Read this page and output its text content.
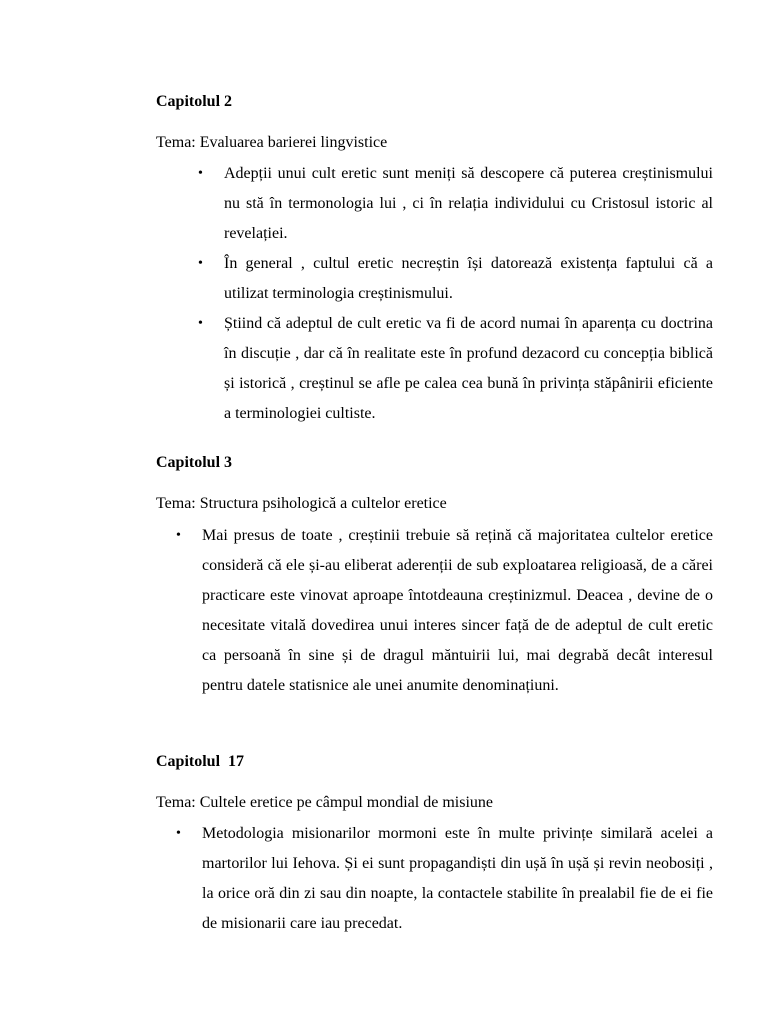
Capitolul 2
Tema: Evaluarea barierei lingvistice
• Adepții unui cult eretic sunt meniți să descopere că puterea creștinismului nu stă în termonologia lui , ci în relația individului cu Cristosul istoric al revelației.
• În general , cultul eretic necreștin își datorează existența faptului că a utilizat terminologia creștinismului.
• Știind că adeptul de cult eretic va fi de acord numai în aparența cu doctrina în discuție , dar că în realitate este în profund dezacord cu concepția biblică și istorică , creștinul se afle pe calea cea bună în privința stăpânirii eficiente a terminologiei cultiste.
Capitolul 3
Tema: Structura psihologică a cultelor eretice
• Mai presus de toate , creștinii trebuie să rețină că majoritatea cultelor eretice consideră că ele și-au eliberat aderenții de sub exploatarea religioasă, de a cărei practicare este vinovat aproape întotdeauna creștinizmul. Deacea , devine de o necesitate vitală dovedirea unui interes sincer față de de adeptul de cult eretic ca persoană în sine și de dragul măntuirii lui, mai degrabă decât interesul pentru datele statisnice ale unei anumite denominațiuni.
Capitolul  17
Tema: Cultele eretice pe câmpul mondial de misiune
• Metodologia misionarilor mormoni este în multe privințe similară acelei a martorilor lui Iehova. Și ei sunt propagandiști din ușă în ușă și revin neobosiți , la orice oră din zi sau din noapte, la contactele stabilite în prealabil fie de ei fie de misionarii care iau precedat.
